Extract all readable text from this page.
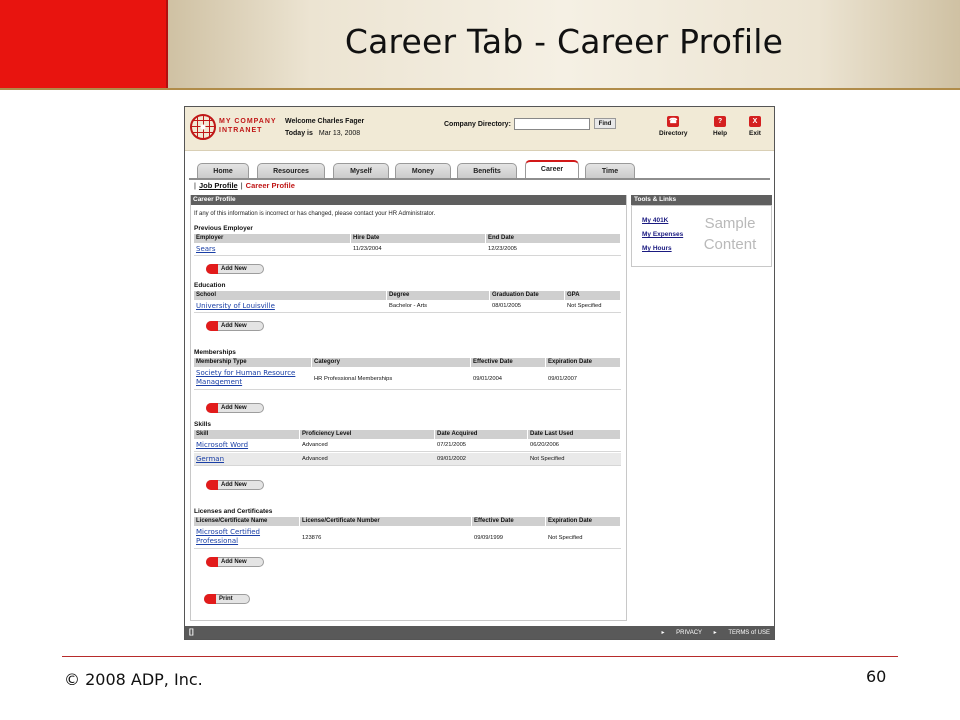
Career Tab - Career Profile
MY COMPANY
INTRANET
Welcome Charles Fager
Today is Mar 13, 2008
Company Directory:	Find	☎
Directory
?
Help
X
Exit
Home	Resources	Myself	Money	Benefits	Career	Time
| Job Profile | Career Profile
Career Profile	Tools & Links
My 401K
My Expenses
My Hours
Sample
Content
If any of this information is incorrect or has changed, please contact your HR Administrator.
Previous Employer
Employer	Hire Date	End Date
Sears	11/23/2004	12/23/2005
Add New
Education
School	Degree	Graduation Date	GPA
University of Louisville	Bachelor - Arts	08/01/2005	Not Specified
Add New
Memberships
Membership Type	Category	Effective Date	Expiration Date
Society for Human Resource
Management	HR Professional Memberships	09/01/2004	09/01/2007
Add New
Skills
Skill	Proficiency Level	Date Acquired	Date Last Used
Microsoft Word	Advanced	07/21/2005	06/20/2006
German	Advanced	09/01/2002	Not Specified
Add New
Licenses and Certificates
License/Certificate Name	License/Certificate Number	Effective Date	Expiration Date
Microsoft Certified
Professional	123876	09/09/1999	Not Specified
Add New
Print
[]	▸ PRIVACY ▸ TERMS of USE
© 2008 ADP, Inc.	60
